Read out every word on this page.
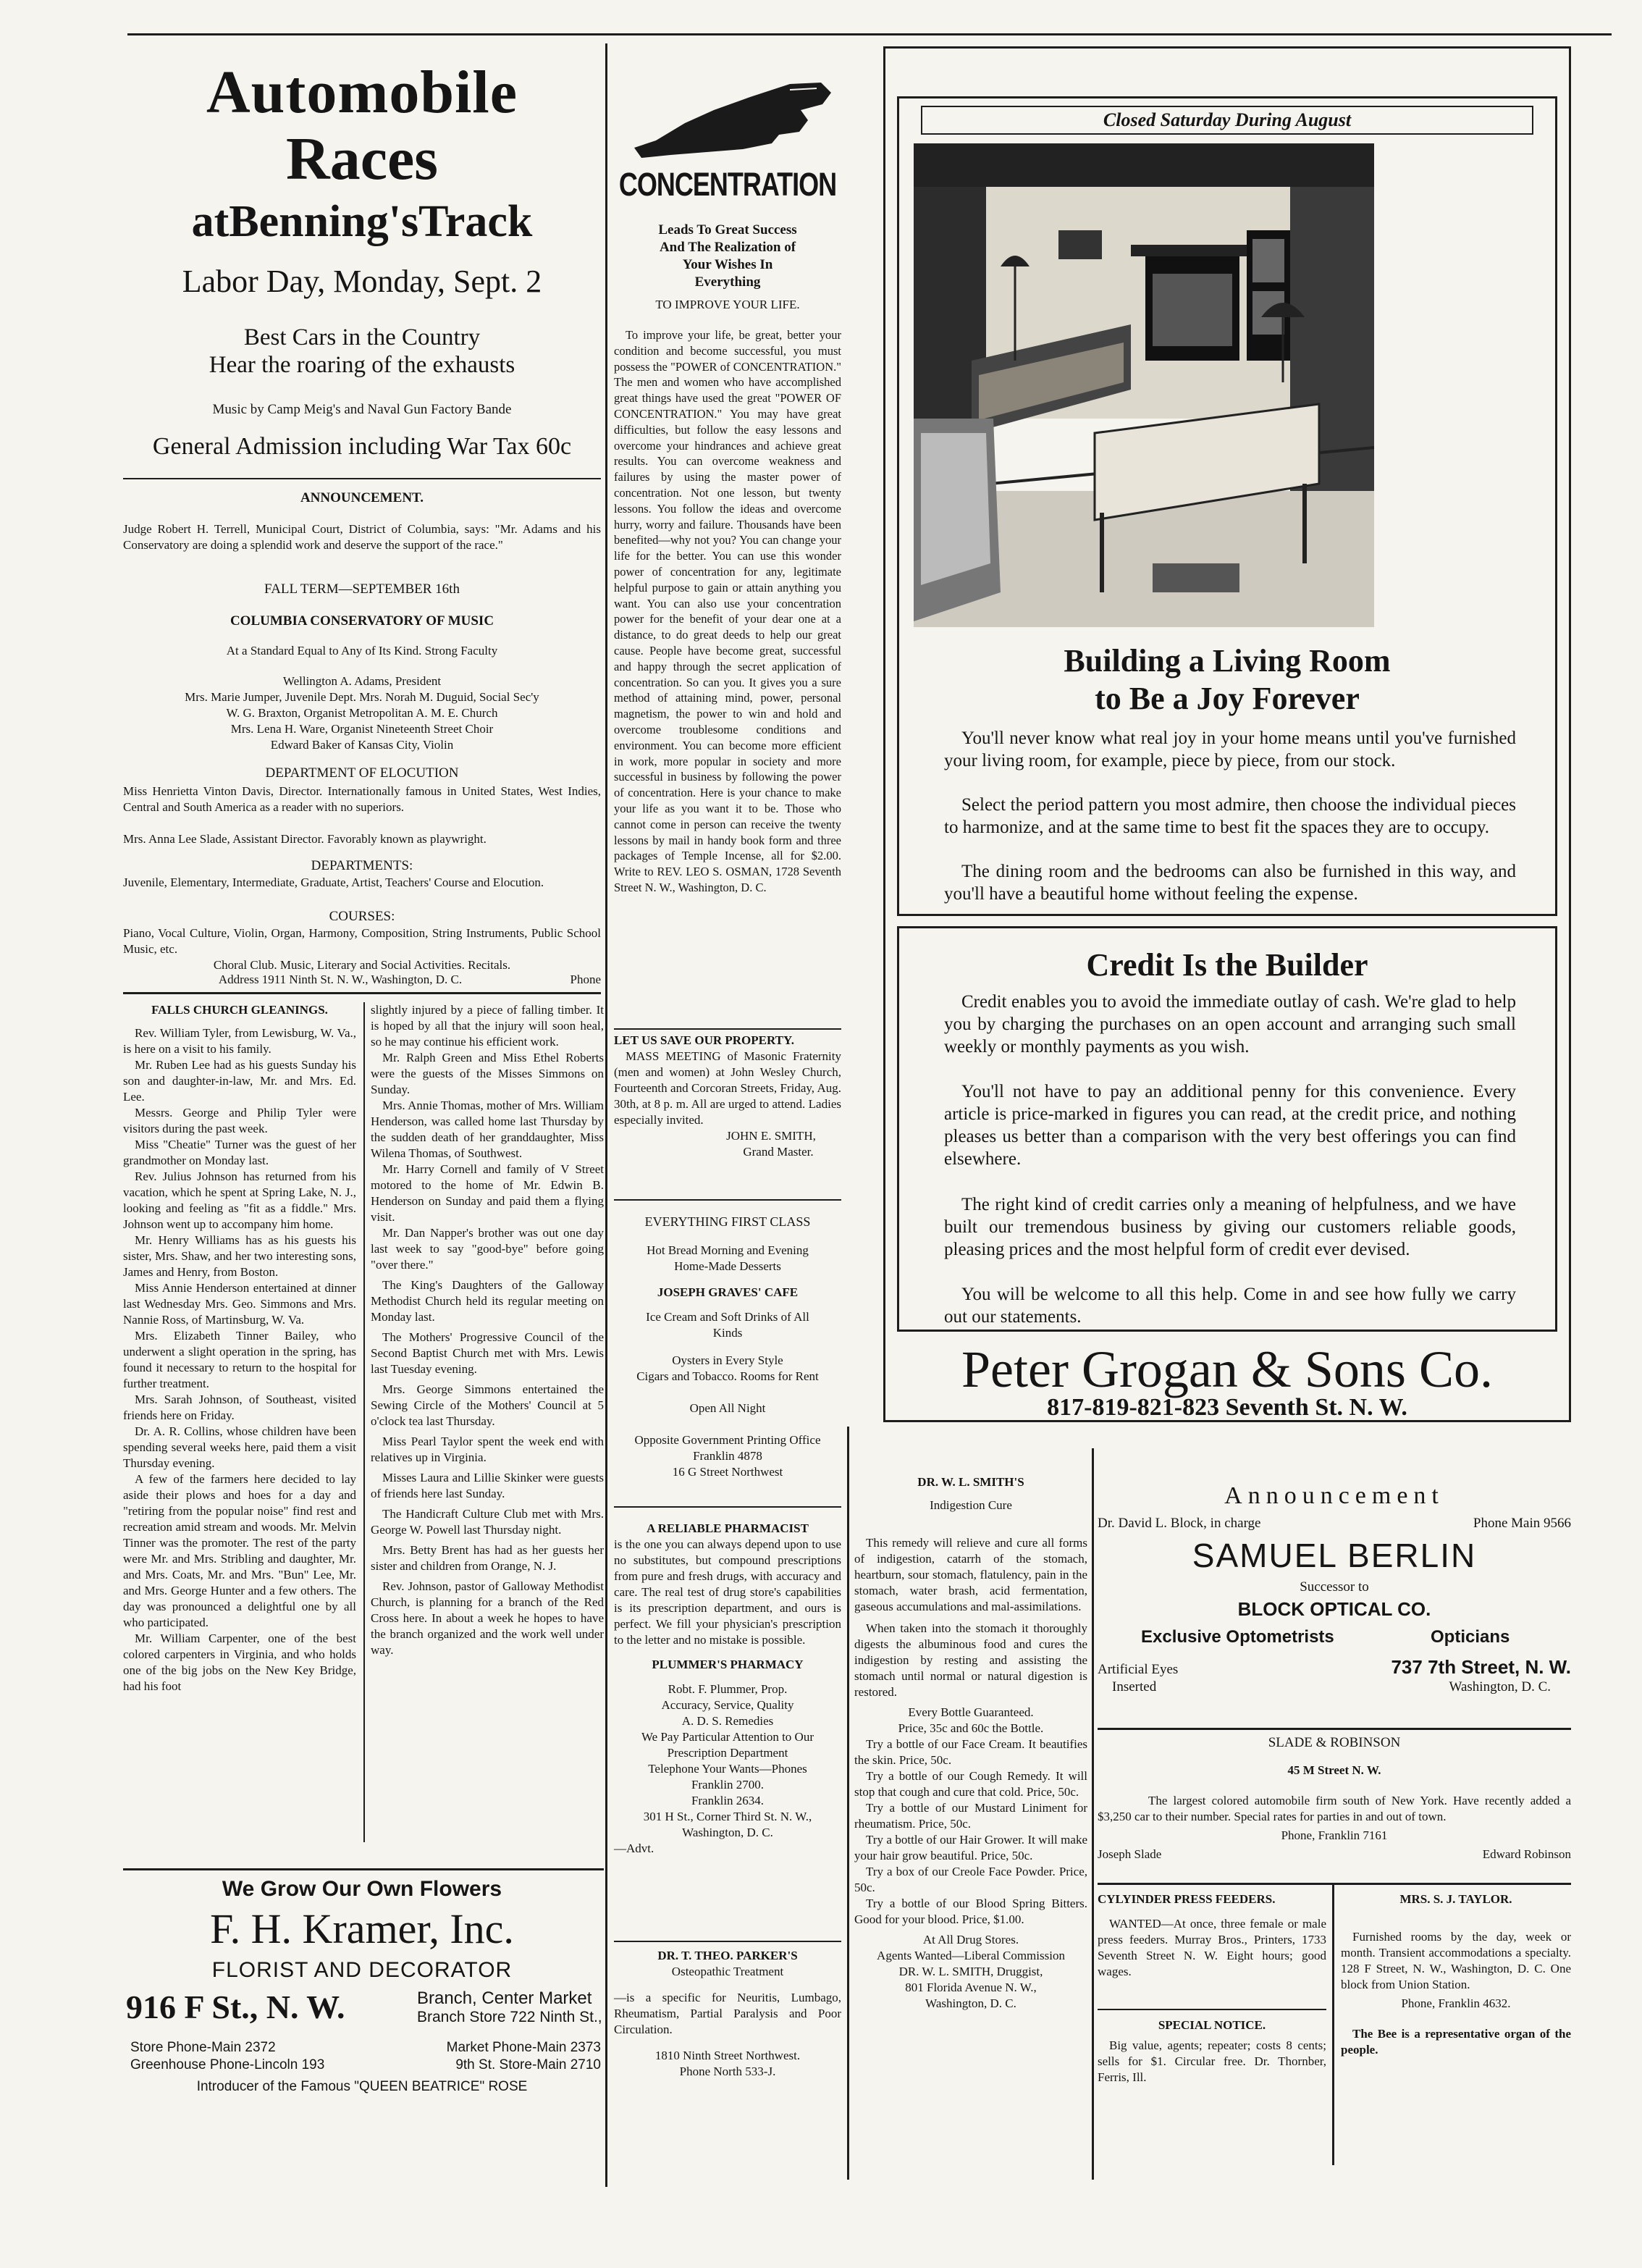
Automobile
Races
atBenning'sTrack
Labor Day, Monday, Sept. 2
Best Cars in the Country
Hear the roaring of the exhausts
Music by Camp Meig's and Naval Gun Factory Bande
General Admission including War Tax 60c
ANNOUNCEMENT.

Judge Robert H. Terrell, Municipal Court, District of Columbia, says: "Mr. Adams and his Conservatory are doing a splendid work and deserve the support of the race."

FALL TERM—SEPTEMBER 16th
COLUMBIA CONSERVATORY OF MUSIC
At a Standard Equal to Any of Its Kind. Strong Faculty
Wellington A. Adams, President
Mrs. Marie Jumper, Juvenile Dept. Mrs. Norah M. Duguid, Social Sec'y
W. G. Braxton, Organist Metropolitan A. M. E. Church
Mrs. Lena H. Ware, Organist Nineteenth Street Choir
Edward Baker of Kansas City, Violin
DEPARTMENT OF ELOCUTION

Miss Henrietta Vinton Davis, Director. Internationally famous in United States, West Indies, Central and South America as a reader with no superiors.

Mrs. Anna Lee Slade, Assistant Director. Favorably known as playwright.

DEPARTMENTS:

Juvenile, Elementary, Intermediate, Graduate, Artist, Teachers' Course and Elocution.

COURSES:

Piano, Vocal Culture, Violin, Organ, Harmony, Composition, String Instruments, Public School Music, etc.

Choral Club. Music, Literary and Social Activities. Recitals.
Address 1911 Ninth St. N. W., Washington, D. C.	Phone
FALLS CHURCH GLEANINGS.

Rev. William Tyler, from Lewisburg, W. Va., is here on a visit to his family.

Mr. Ruben Lee had as his guests Sunday his son and daughter-in-law, Mr. and Mrs. Ed. Lee.

Messrs. George and Philip Tyler were visitors during the past week.

Miss "Cheatie" Turner was the guest of her grandmother on Monday last.

Rev. Julius Johnson has returned from his vacation, which he spent at Spring Lake, N. J., looking and feeling as "fit as a fiddle." Mrs. Johnson went up to accompany him home.

Mr. Henry Williams has as his guests his sister, Mrs. Shaw, and her two interesting sons, James and Henry, from Boston.

Miss Annie Henderson entertained at dinner last Wednesday Mrs. Geo. Simmons and Mrs. Nannie Ross, of Martinsburg, W. Va.

Mrs. Elizabeth Tinner Bailey, who underwent a slight operation in the spring, has found it necessary to return to the hospital for further treatment.

Mrs. Sarah Johnson, of Southeast, visited friends here on Friday.

Dr. A. R. Collins, whose children have been spending several weeks here, paid them a visit Thursday evening.

A few of the farmers here decided to lay aside their plows and hoes for a day and "retiring from the popular noise" find rest and recreation amid stream and woods. Mr. Melvin Tinner was the promoter. The rest of the party were Mr. and Mrs. Stribling and daughter, Mr. and Mrs. Coats, Mr. and Mrs. "Bun" Lee, Mr. and Mrs. George Hunter and a few others. The day was pronounced a delightful one by all who participated.

Mr. William Carpenter, one of the best colored carpenters in Virginia, and who holds one of the big jobs on the New Key Bridge, had his foot

slightly injured by a piece of falling timber. It is hoped by all that the injury will soon heal, so he may continue his efficient work.

Mr. Ralph Green and Miss Ethel Roberts were the guests of the Misses Simmons on Sunday.

Mrs. Annie Thomas, mother of Mrs. William Henderson, was called home last Thursday by the sudden death of her granddaughter, Miss Wilena Thomas, of Southwest.

Mr. Harry Cornell and family of V Street motored to the home of Mr. Edwin B. Henderson on Sunday and paid them a flying visit.

Mr. Dan Napper's brother was out one day last week to say "good-bye" before going "over there."

The King's Daughters of the Galloway Methodist Church held its regular meeting on Monday last.

The Mothers' Progressive Council of the Second Baptist Church met with Mrs. Lewis last Tuesday evening.

Mrs. George Simmons entertained the Sewing Circle of the Mothers' Council at 5 o'clock tea last Thursday.

Miss Pearl Taylor spent the week end with relatives up in Virginia.

Misses Laura and Lillie Skinker were guests of friends here last Sunday.

The Handicraft Culture Club met with Mrs. George W. Powell last Thursday night.

Mrs. Betty Brent has had as her guests her sister and children from Orange, N. J.

Rev. Johnson, pastor of Galloway Methodist Church, is planning for a branch of the Red Cross here. In about a week he hopes to have the branch organized and the work well under way.

We Grow Our Own Flowers
F. H. Kramer, Inc.
FLORIST AND DECORATOR
916 F St., N. W.	Branch, Center Market
Branch Store 722 Ninth St.,
Store Phone-Main 2372
Greenhouse Phone-Lincoln 193
Market Phone-Main 2373
9th St. Store-Main 2710
Introducer of the Famous "QUEEN BEATRICE" ROSE
CONCENTRATION
Leads To Great Success
And The Realization of
Your Wishes In
Everything
TO IMPROVE YOUR LIFE.

To improve your life, be great, better your condition and become successful, you must possess the "POWER of CONCENTRATION." The men and women who have accomplished great things have used the great "POWER OF CONCENTRATION." You may have great difficulties, but follow the easy lessons and overcome your hindrances and achieve great results. You can overcome weakness and failures by using the master power of concentration. Not one lesson, but twenty lessons. You follow the ideas and overcome hurry, worry and failure. Thousands have been benefited—why not you? You can change your life for the better. You can use this wonder power of concentration for any, legitimate helpful purpose to gain or attain anything you want. You can also use your concentration power for the benefit of your dear one at a distance, to do great deeds to help our great cause. People have become great, successful and happy through the secret application of concentration. So can you. It gives you a sure method of attaining mind, power, personal magnetism, the power to win and hold and overcome troublesome conditions and environment. You can become more efficient in work, more popular in society and more successful in business by following the power of concentration. Here is your chance to make your life as you want it to be. Those who cannot come in person can receive the twenty lessons by mail in handy book form and three packages of Temple Incense, all for $2.00. Write to REV. LEO S. OSMAN, 1728 Seventh Street N. W., Washington, D. C.

LET US SAVE OUR PROPERTY.

MASS MEETING of Masonic Fraternity (men and women) at John Wesley Church, Fourteenth and Corcoran Streets, Friday, Aug. 30th, at 8 p. m. All are urged to attend. Ladies especially invited.

JOHN E. SMITH,
Grand Master.
EVERYTHING FIRST CLASS
Hot Bread Morning and Evening
Home-Made Desserts
JOSEPH GRAVES' CAFE
Ice Cream and Soft Drinks of All Kinds
Oysters in Every Style
Cigars and Tobacco. Rooms for Rent
Open All Night
Opposite Government Printing Office
Franklin 4878
16 G Street Northwest
A RELIABLE PHARMACIST

is the one you can always depend upon to use no substitutes, but compound prescriptions from pure and fresh drugs, with accuracy and care. The real test of drug store's capabilities is its prescription department, and ours is perfect. We fill your physician's prescription to the letter and no mistake is possible.

PLUMMER'S PHARMACY
Robt. F. Plummer, Prop.
Accuracy, Service, Quality
A. D. S. Remedies
We Pay Particular Attention to Our
Prescription Department
Telephone Your Wants—Phones
Franklin 2700.
Franklin 2634.
301 H St., Corner Third St. N. W.,
Washington, D. C.
—Advt.
DR. T. THEO. PARKER'S
Osteopathic Treatment

—is a specific for Neuritis, Lumbago, Rheumatism, Partial Paralysis and Poor Circulation.

1810 Ninth Street Northwest.
Phone North 533-J.
Closed Saturday During August
Building a Living Room
to Be a Joy Forever

You'll never know what real joy in your home means until you've furnished your living room, for example, piece by piece, from our stock.

Select the period pattern you most admire, then choose the individual pieces to harmonize, and at the same time to best fit the spaces they are to occupy.

The dining room and the bedrooms can also be furnished in this way, and you'll have a beautiful home without feeling the expense.

Credit Is the Builder

Credit enables you to avoid the immediate outlay of cash. We're glad to help you by charging the purchases on an open account and arranging such small weekly or monthly payments as you wish.

You'll not have to pay an additional penny for this convenience. Every article is price-marked in figures you can read, at the credit price, and nothing pleases us better than a comparison with the very best offerings you can find elsewhere.

The right kind of credit carries only a meaning of helpfulness, and we have built our tremendous business by giving our customers reliable goods, pleasing prices and the most helpful form of credit ever devised.

You will be welcome to all this help. Come in and see how fully we carry out our statements.

Peter Grogan & Sons Co.
817-819-821-823 Seventh St. N. W.
DR. W. L. SMITH'S
Indigestion Cure

This remedy will relieve and cure all forms of indigestion, catarrh of the stomach, heartburn, sour stomach, flatulency, pain in the stomach, water brash, acid fermentation, gaseous accumulations and mal-assimilations.

When taken into the stomach it thoroughly digests the albuminous food and cures the indigestion by resting and assisting the stomach until normal or natural digestion is restored.

Every Bottle Guaranteed.
Price, 35c and 60c the Bottle.

Try a bottle of our Face Cream. It beautifies the skin. Price, 50c.

Try a bottle of our Cough Remedy. It will stop that cough and cure that cold. Price, 50c.

Try a bottle of our Mustard Liniment for rheumatism. Price, 50c.

Try a bottle of our Hair Grower. It will make your hair grow beautiful. Price, 50c.

Try a box of our Creole Face Powder. Price, 50c.

Try a bottle of our Blood Spring Bitters. Good for your blood. Price, $1.00.

At All Drug Stores.
Agents Wanted—Liberal Commission
DR. W. L. SMITH, Druggist,
801 Florida Avenue N. W.,
Washington, D. C.
Announcement
Dr. David L. Block, in charge	Phone Main 9566
SAMUEL BERLIN
Successor to
BLOCK OPTICAL CO.
Exclusive Optometrists	Opticians
Artificial Eyes
Inserted
737 7th Street, N. W.
Washington, D. C.
SLADE & ROBINSON
45 M Street N. W.

The largest colored automobile firm south of New York. Have recently added a $3,250 car to their number. Special rates for parties in and out of town.

Phone, Franklin 7161
Joseph Slade	Edward Robinson
CYLYINDER PRESS FEEDERS.

WANTED—At once, three female or male press feeders. Murray Bros., Printers, 1733 Seventh Street N. W. Eight hours; good wages.

SPECIAL NOTICE.

Big value, agents; repeater; costs 8 cents; sells for $1. Circular free. Dr. Thornber, Ferris, Ill.

MRS. S. J. TAYLOR.

Furnished rooms by the day, week or month. Transient accommodations a specialty. 128 F Street, N. W., Washington, D. C. One block from Union Station.

Phone, Franklin 4632.

The Bee is a representative organ of the people.
